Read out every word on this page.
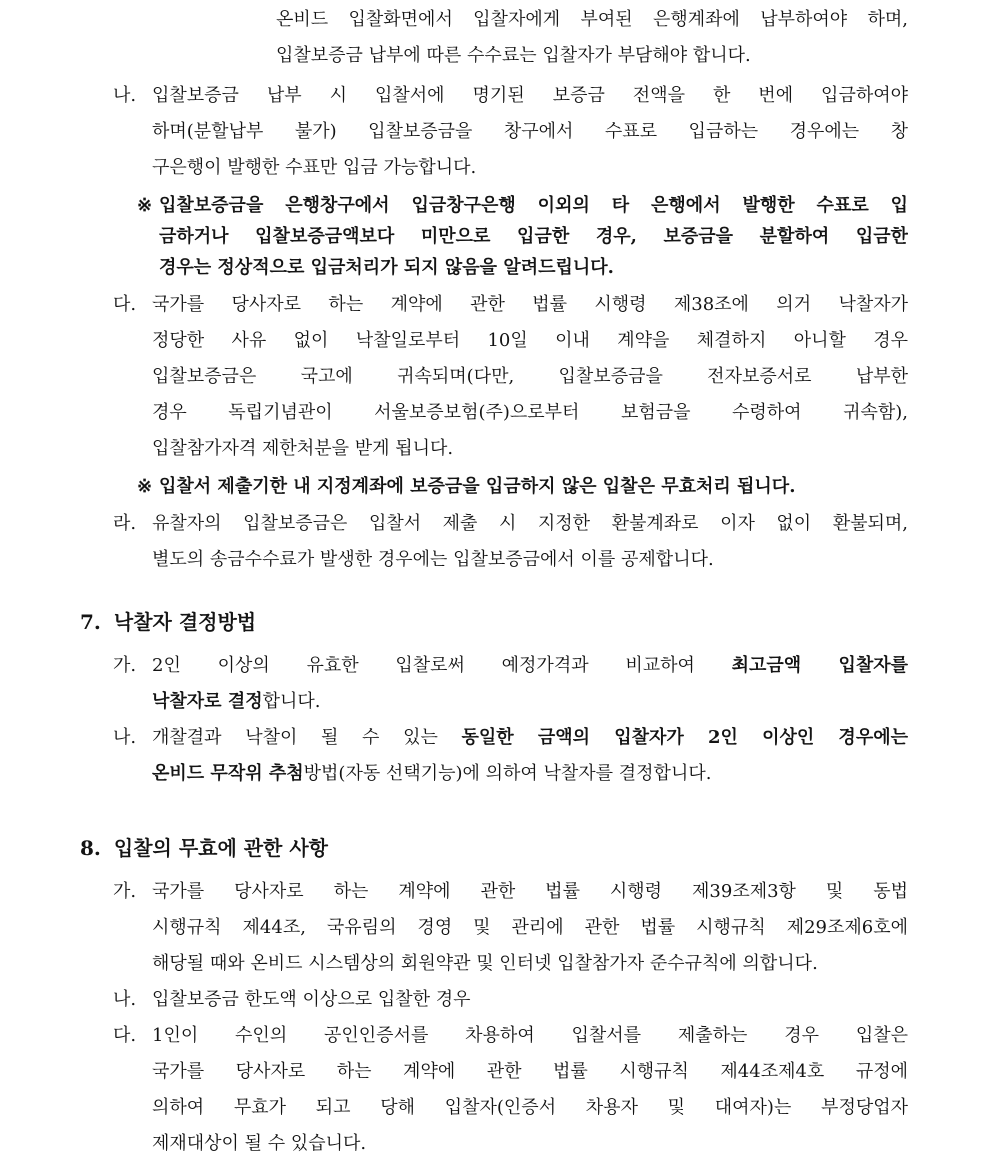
온비드 입찰화면에서 입찰자에게 부여된 은행계좌에 납부하여야 하며,
입찰보증금 납부에 따른 수수료는 입찰자가 부담해야 합니다.
나. 입찰보증금 납부 시 입찰서에 명기된 보증금 전액을 한 번에 입금하여야
하며(분할납부 불가) 입찰보증금을 창구에서 수표로 입금하는 경우에는 창
구은행이 발행한 수표만 입금 가능합니다.
※ 입찰보증금을 은행창구에서 입금창구은행 이외의 타 은행에서 발행한 수표로 입
금하거나 입찰보증금액보다 미만으로 입금한 경우, 보증금을 분할하여 입금한
경우는 정상적으로 입금처리가 되지 않음을 알려드립니다.
다. 국가를 당사자로 하는 계약에 관한 법률 시행령 제38조에 의거 낙찰자가
정당한 사유 없이 낙찰일로부터 10일 이내 계약을 체결하지 아니할 경우
입찰보증금은 국고에 귀속되며(다만, 입찰보증금을 전자보증서로 납부한
경우 독립기념관이 서울보증보험(주)으로부터 보험금을 수령하여 귀속함),
입찰참가자격 제한처분을 받게 됩니다.
※ 입찰서 제출기한 내 지정계좌에 보증금을 입금하지 않은 입찰은 무효처리 됩니다.
라. 유찰자의 입찰보증금은 입찰서 제출 시 지정한 환불계좌로 이자 없이 환불되며,
별도의 송금수수료가 발생한 경우에는 입찰보증금에서 이를 공제합니다.
7. 낙찰자 결정방법
가. 2인 이상의 유효한 입찰로써 예정가격과 비교하여 최고금액 입찰자를
낙찰자로 결정합니다.
나. 개찰결과 낙찰이 될 수 있는 동일한 금액의 입찰자가 2인 이상인 경우에는
온비드 무작위 추첨방법(자동 선택기능)에 의하여 낙찰자를 결정합니다.
8. 입찰의 무효에 관한 사항
가. 국가를 당사자로 하는 계약에 관한 법률 시행령 제39조제3항 및 동법
시행규칙 제44조, 국유림의 경영 및 관리에 관한 법률 시행규칙 제29조제6호에
해당될 때와 온비드 시스템상의 회원약관 및 인터넷 입찰참가자 준수규칙에 의합니다.
나. 입찰보증금 한도액 이상으로 입찰한 경우
다. 1인이 수인의 공인인증서를 차용하여 입찰서를 제출하는 경우 입찰은
국가를 당사자로 하는 계약에 관한 법률 시행규칙 제44조제4호 규정에
의하여 무효가 되고 당해 입찰자(인증서 차용자 및 대여자)는 부정당업자
제재대상이 될 수 있습니다.
